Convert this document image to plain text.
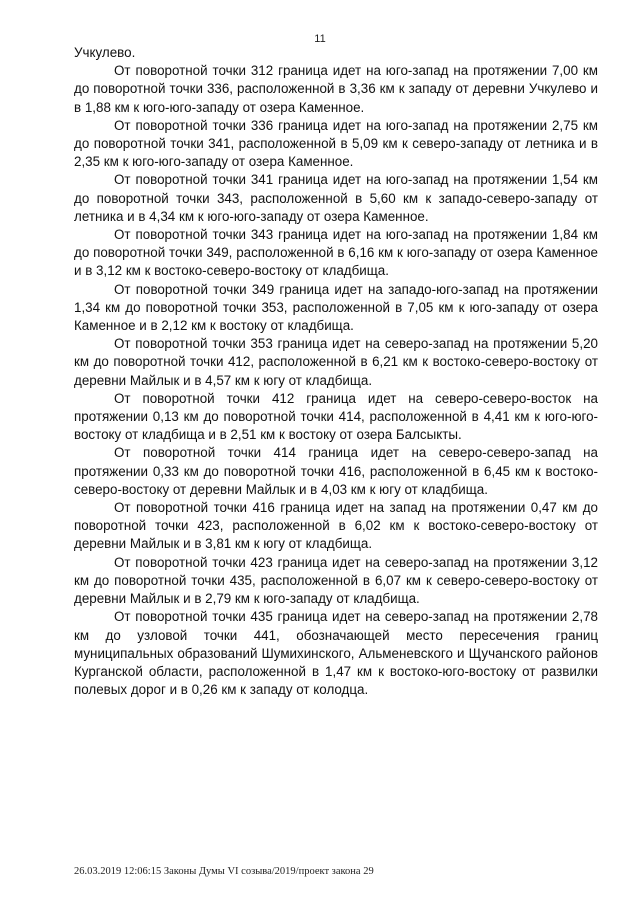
11

Учкулево.

От поворотной точки 312 граница идет на юго-запад на протяжении 7,00 км до поворотной точки 336, расположенной в 3,36 км к западу от деревни Учкулево и в 1,88 км к юго-юго-западу от озера Каменное.

От поворотной точки 336 граница идет на юго-запад на протяжении 2,75 км до поворотной точки 341, расположенной в 5,09 км к северо-западу от летника и в 2,35 км к юго-юго-западу от озера Каменное.

От поворотной точки 341 граница идет на юго-запад на протяжении 1,54 км до поворотной точки 343, расположенной в 5,60 км к западо-северо-западу от летника и в 4,34 км к юго-юго-западу от озера Каменное.

От поворотной точки 343 граница идет на юго-запад на протяжении 1,84 км до поворотной точки 349, расположенной в 6,16 км к юго-западу от озера Каменное и в 3,12 км к востоко-северо-востоку от кладбища.

От поворотной точки 349 граница идет на западо-юго-запад на протяжении 1,34 км до поворотной точки 353, расположенной в 7,05 км к юго-западу от озера Каменное и в 2,12 км к востоку от кладбища.

От поворотной точки 353 граница идет на северо-запад на протяжении 5,20 км до поворотной точки 412, расположенной в 6,21 км к востоко-северо-востоку от деревни Майлык и в 4,57 км к югу от кладбища.

От поворотной точки 412 граница идет на северо-северо-восток на протяжении 0,13 км до поворотной точки 414, расположенной в 4,41 км к юго-юго-востоку от кладбища и в 2,51 км к востоку от озера Балсыкты.

От поворотной точки 414 граница идет на северо-северо-запад на протяжении 0,33 км до поворотной точки 416, расположенной в 6,45 км к востоко-северо-востоку от деревни Майлык и в 4,03 км к югу от кладбища.

От поворотной точки 416 граница идет на запад на протяжении 0,47 км до поворотной точки 423, расположенной в 6,02 км к востоко-северо-востоку от деревни Майлык и в 3,81 км к югу от кладбища.

От поворотной точки 423 граница идет на северо-запад на протяжении 3,12 км до поворотной точки 435, расположенной в 6,07 км к северо-северо-востоку от деревни Майлык и в 2,79 км к юго-западу от кладбища.

От поворотной точки 435 граница идет на северо-запад на протяжении 2,78 км до узловой точки 441, обозначающей место пересечения границ муниципальных образований Шумихинского, Альменевского и Щучанского районов Курганской области, расположенной в 1,47 км к востоко-юго-востоку от развилки полевых дорог и в 0,26 км к западу от колодца.

26.03.2019 12:06:15 Законы Думы VI созыва/2019/проект закона 29
